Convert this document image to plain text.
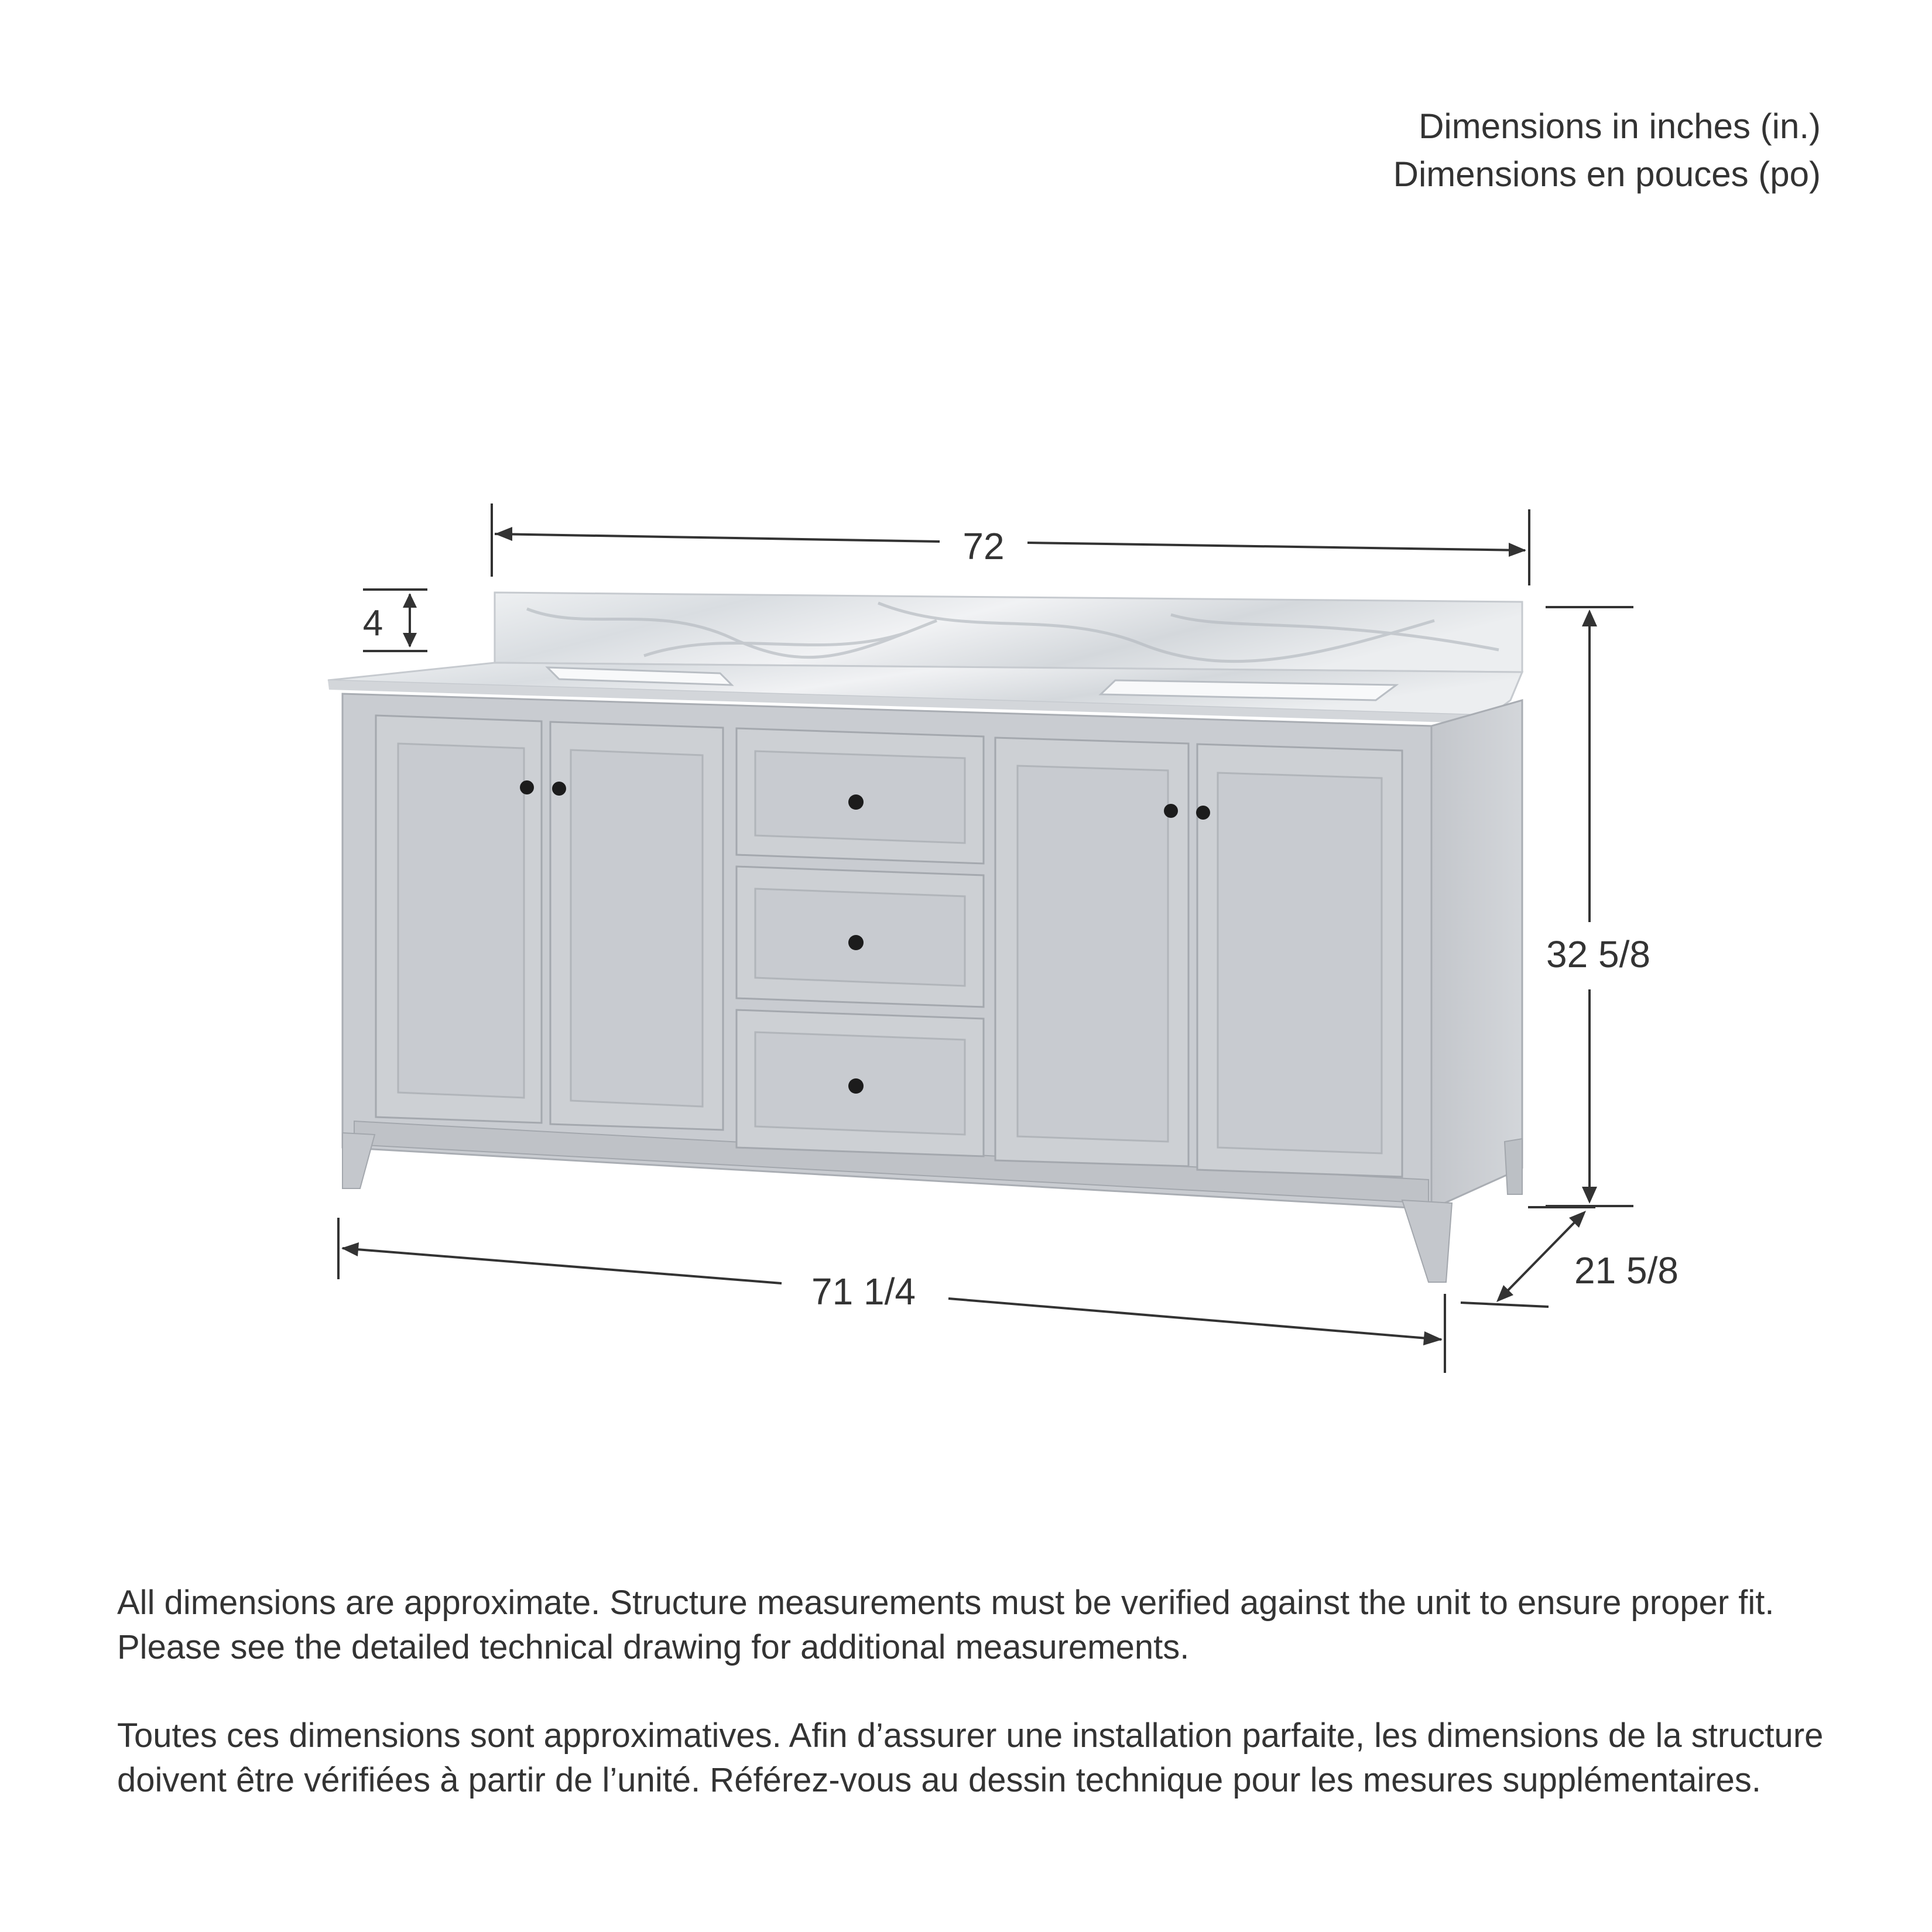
Dimensions in inches (in.)
Dimensions en pouces (po)
72
4
32 5/8
71 1/4	21 5/8

All dimensions are approximate. Structure measurements must be verified against the unit to ensure proper fit. Please see the detailed technical drawing for additional measurements.

Toutes ces dimensions sont approximatives. Afin d’assurer une installation parfaite, les dimensions de la structure doivent être vérifiées à partir de l’unité. Référez-vous au dessin technique pour les mesures supplémentaires.
